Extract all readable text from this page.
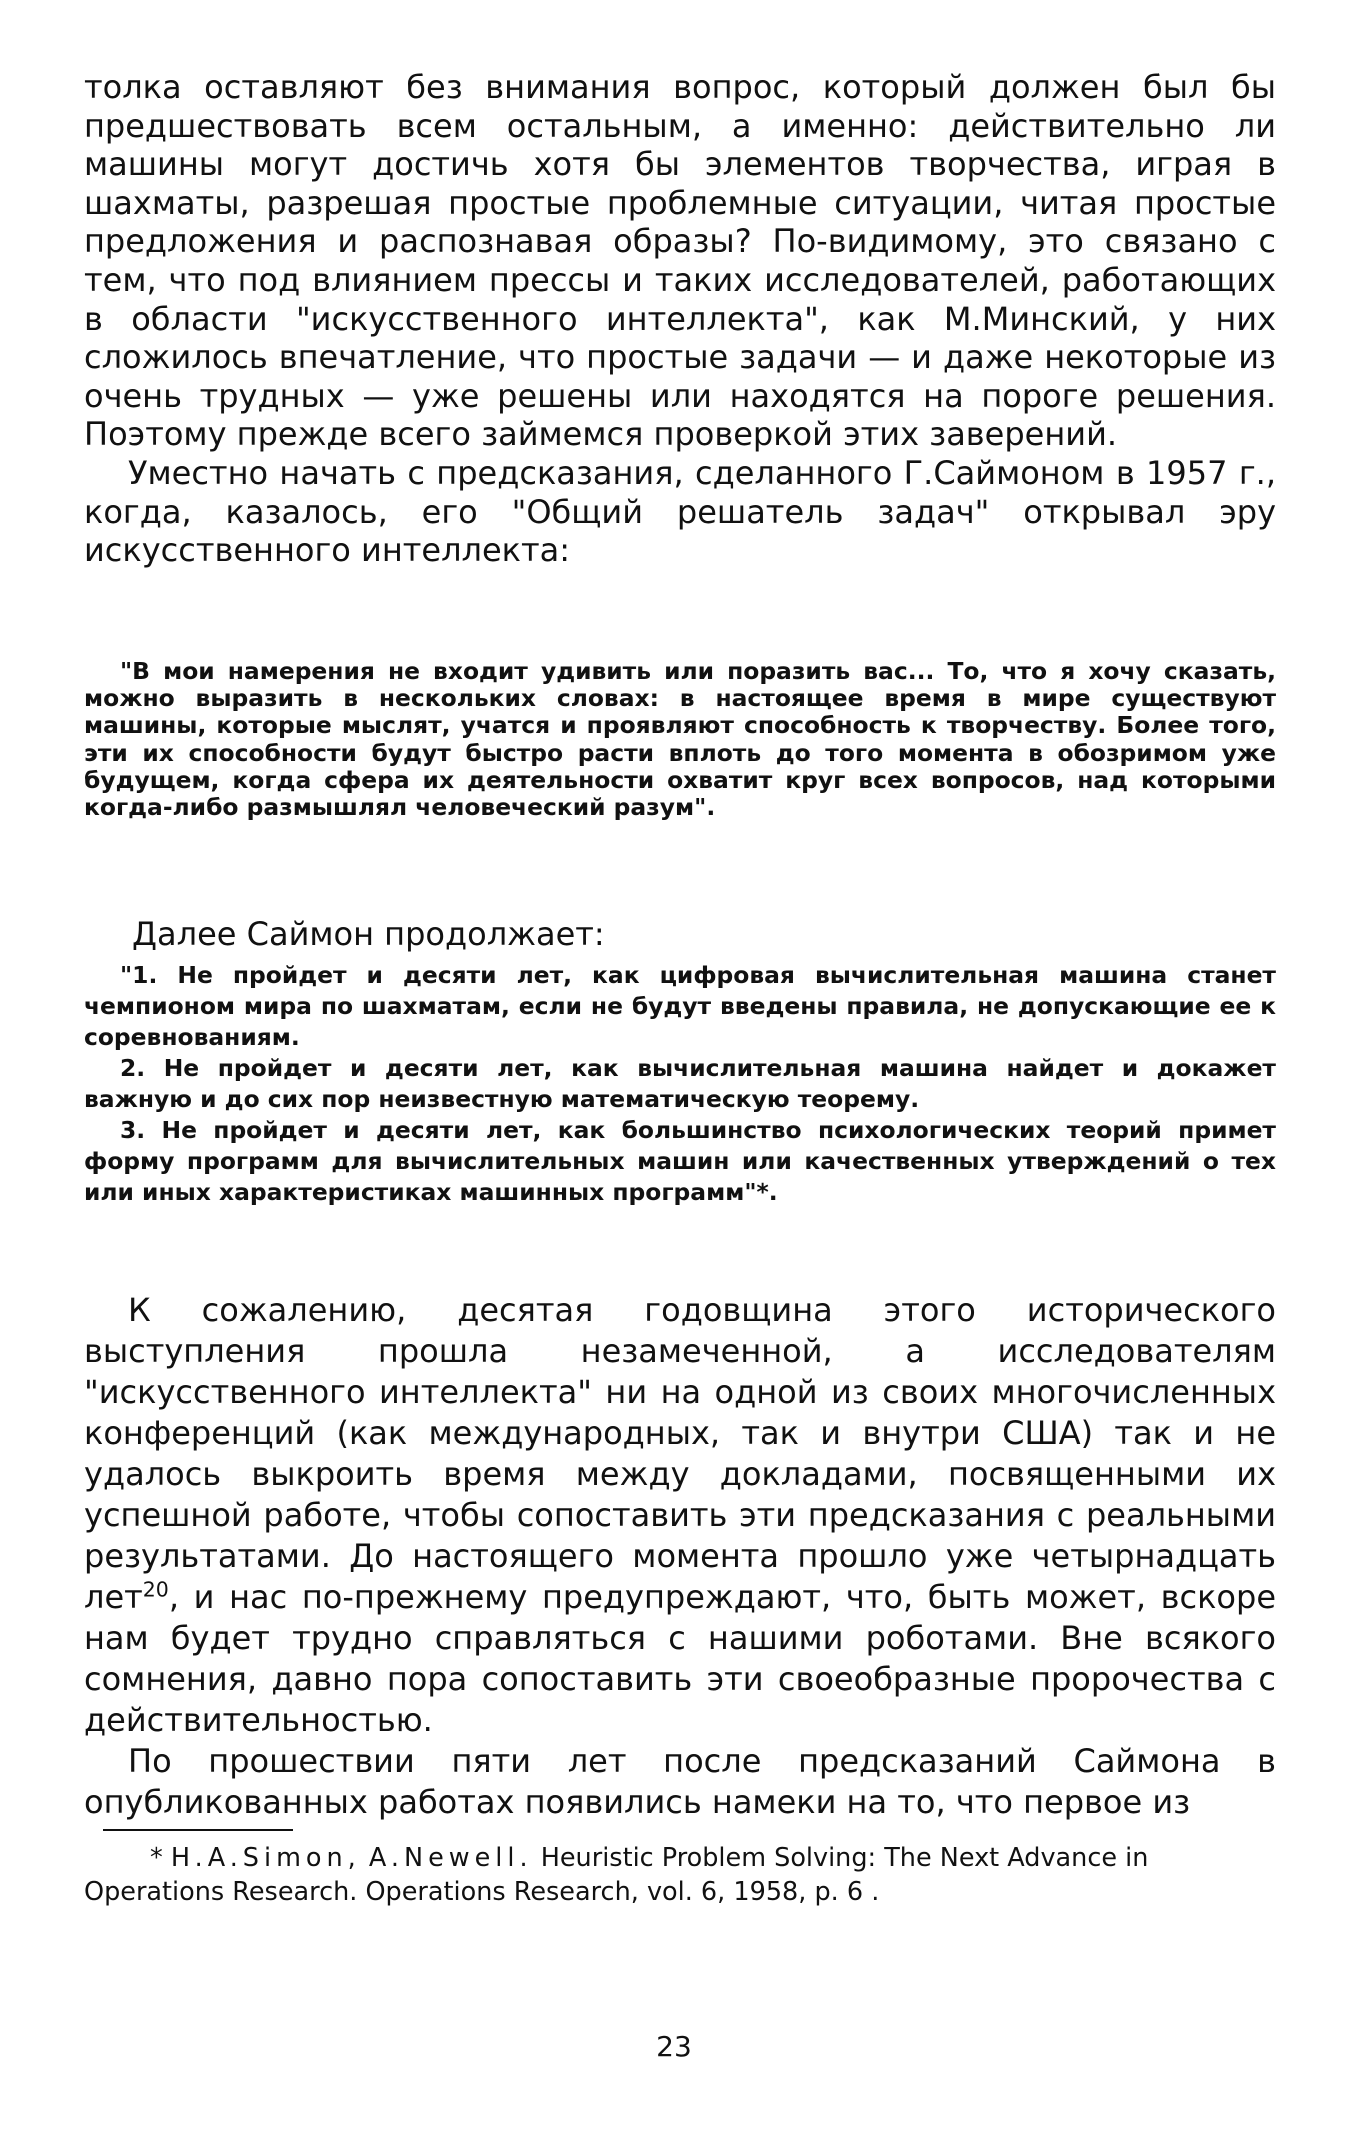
толка оставляют без внимания вопрос, который должен был бы предшествовать всем остальным, а именно: действительно ли машины могут достичь хотя бы элементов творчества, играя в шахматы, разрешая простые проблемные ситуации, читая простые предложения и распознавая образы? По-видимому, это связано с тем, что под влиянием прессы и таких исследователей, работающих в области "искусственного интеллекта", как М.Минский, у них сложилось впечатление, что простые задачи — и даже некоторые из очень трудных — уже решены или находятся на пороге решения. Поэтому прежде всего займемся проверкой этих заверений.

Уместно начать с предсказания, сделанного Г.Саймоном в 1957 г., когда, казалось, его "Общий решатель задач" открывал эру искусственного интеллекта:

"В мои намерения не входит удивить или поразить вас... То, что я хочу сказать, можно выразить в нескольких словах: в настоящее время в мире существуют машины, которые мыслят, учатся и проявляют способность к творчеству. Более того, эти их способности будут быстро расти вплоть до того момента в обозримом уже будущем, когда сфера их деятельности охватит круг всех вопросов, над которыми когда-либо размышлял человеческий разум".

Далее Саймон продолжает:

"1. Не пройдет и десяти лет, как цифровая вычислительная машина станет чемпионом мира по шахматам, если не будут введены правила, не допускающие ее к соревнованиям.

2. Не пройдет и десяти лет, как вычислительная машина найдет и докажет важную и до сих пор неизвестную математическую теорему.

3. Не пройдет и десяти лет, как большинство психологических теорий примет форму программ для вычислительных машин или качественных утверждений о тех или иных характеристиках машинных программ"*.

К сожалению, десятая годовщина этого исторического выступления прошла незамеченной, а исследователям "искусственного интеллекта" ни на одной из своих многочисленных конференций (как международных, так и внутри США) так и не удалось выкроить время между докладами, посвященными их успешной работе, чтобы сопоставить эти предсказания с реальными результатами. До настоящего момента прошло уже четырнадцать лет$^{20}$, и нас по-прежнему предупреждают, что, быть может, вскоре нам будет трудно справляться с нашими роботами. Вне всякого сомнения, давно пора сопоставить эти своеобразные пророчества с действительностью.

По прошествии пяти лет после предсказаний Саймона в опубликованных работах появились намеки на то, что первое из

* H.A.Simon, A.Newell. Heuristic Problem Solving: The Next Advance in Operations Research. Operations Research, vol. 6, 1958, p. 6 .

23
